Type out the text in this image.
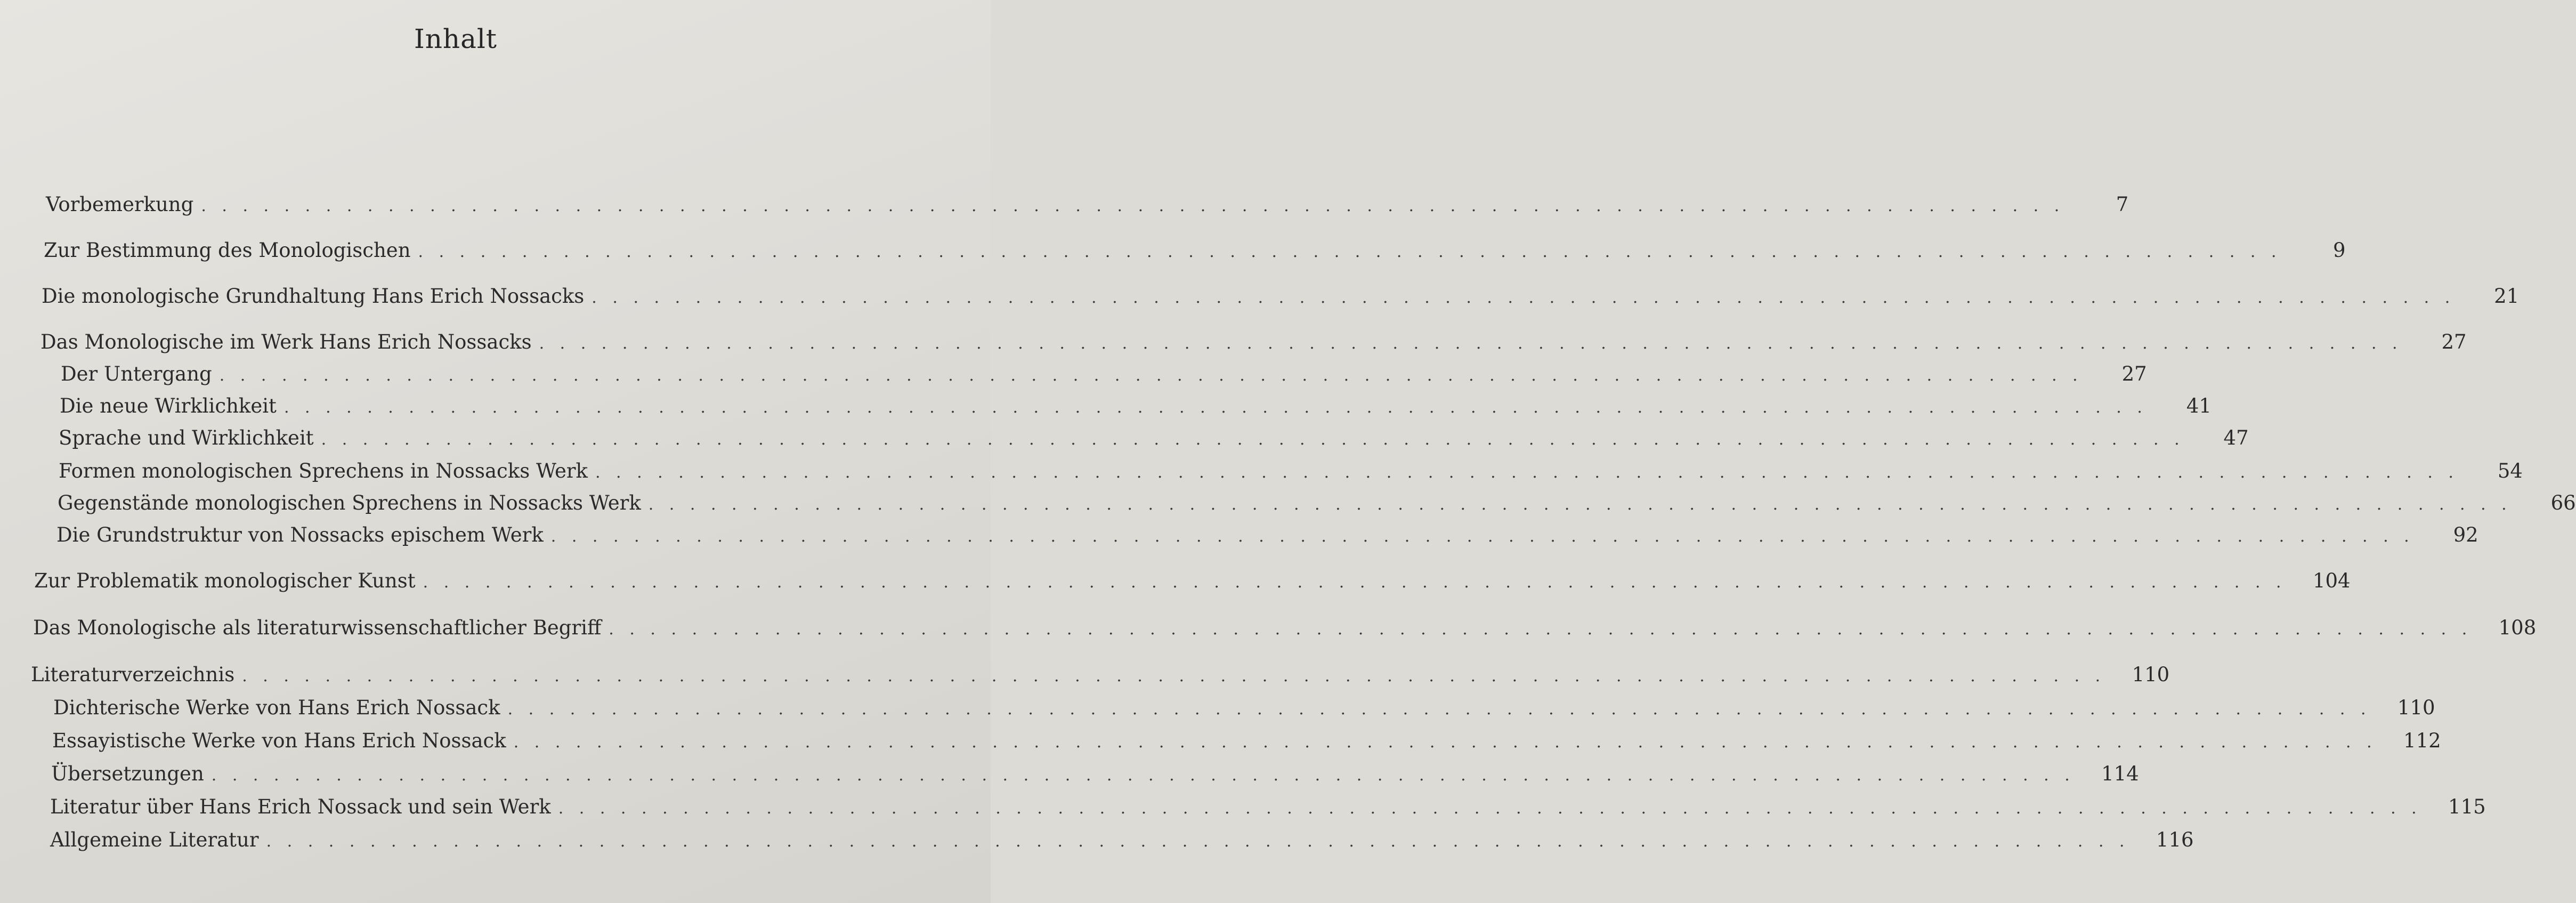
Inhalt
Vorbemerkung . . . . . . . . . . . . . . . . . . . . . . . . . . . . . . . . . . . . . . . . . . . . . . . . . . . . . . . . . . . . . . . . . . . . . . . . . . . . . . . . . . . . . . . . . .	7
Zur Bestimmung des Monologischen . . . . . . . . . . . . . . . . . . . . . . . . . . . . . . . . . . . . . . . . . . . . . . . . . . . . . . . . . . . . . . . . . . . . . . . . . . . . . . . . . . . . . . . . . .	9
Die monologische Grundhaltung Hans Erich Nossacks . . . . . . . . . . . . . . . . . . . . . . . . . . . . . . . . . . . . . . . . . . . . . . . . . . . . . . . . . . . . . . . . . . . . . . . . . . . . . . . . . . . . . . . . . .	21
Das Monologische im Werk Hans Erich Nossacks . . . . . . . . . . . . . . . . . . . . . . . . . . . . . . . . . . . . . . . . . . . . . . . . . . . . . . . . . . . . . . . . . . . . . . . . . . . . . . . . . . . . . . . . . .	27
Der Untergang . . . . . . . . . . . . . . . . . . . . . . . . . . . . . . . . . . . . . . . . . . . . . . . . . . . . . . . . . . . . . . . . . . . . . . . . . . . . . . . . . . . . . . . . . .	27
Die neue Wirklichkeit . . . . . . . . . . . . . . . . . . . . . . . . . . . . . . . . . . . . . . . . . . . . . . . . . . . . . . . . . . . . . . . . . . . . . . . . . . . . . . . . . . . . . . . . . .	41
Sprache und Wirklichkeit . . . . . . . . . . . . . . . . . . . . . . . . . . . . . . . . . . . . . . . . . . . . . . . . . . . . . . . . . . . . . . . . . . . . . . . . . . . . . . . . . . . . . . . . . .	47
Formen monologischen Sprechens in Nossacks Werk . . . . . . . . . . . . . . . . . . . . . . . . . . . . . . . . . . . . . . . . . . . . . . . . . . . . . . . . . . . . . . . . . . . . . . . . . . . . . . . . . . . . . . . . . .	54
Gegenstände monologischen Sprechens in Nossacks Werk . . . . . . . . . . . . . . . . . . . . . . . . . . . . . . . . . . . . . . . . . . . . . . . . . . . . . . . . . . . . . . . . . . . . . . . . . . . . . . . . . . . . . . . . . .	66
Die Grundstruktur von Nossacks epischem Werk . . . . . . . . . . . . . . . . . . . . . . . . . . . . . . . . . . . . . . . . . . . . . . . . . . . . . . . . . . . . . . . . . . . . . . . . . . . . . . . . . . . . . . . . . .	92
Zur Problematik monologischer Kunst . . . . . . . . . . . . . . . . . . . . . . . . . . . . . . . . . . . . . . . . . . . . . . . . . . . . . . . . . . . . . . . . . . . . . . . . . . . . . . . . . . . . . . . . . .	104
Das Monologische als literaturwissenschaftlicher Begriff . . . . . . . . . . . . . . . . . . . . . . . . . . . . . . . . . . . . . . . . . . . . . . . . . . . . . . . . . . . . . . . . . . . . . . . . . . . . . . . . . . . . . . . . . .	108
Literaturverzeichnis . . . . . . . . . . . . . . . . . . . . . . . . . . . . . . . . . . . . . . . . . . . . . . . . . . . . . . . . . . . . . . . . . . . . . . . . . . . . . . . . . . . . . . . . . .	110
Dichterische Werke von Hans Erich Nossack . . . . . . . . . . . . . . . . . . . . . . . . . . . . . . . . . . . . . . . . . . . . . . . . . . . . . . . . . . . . . . . . . . . . . . . . . . . . . . . . . . . . . . . . . .	110
Essayistische Werke von Hans Erich Nossack . . . . . . . . . . . . . . . . . . . . . . . . . . . . . . . . . . . . . . . . . . . . . . . . . . . . . . . . . . . . . . . . . . . . . . . . . . . . . . . . . . . . . . . . . .	112
Übersetzungen . . . . . . . . . . . . . . . . . . . . . . . . . . . . . . . . . . . . . . . . . . . . . . . . . . . . . . . . . . . . . . . . . . . . . . . . . . . . . . . . . . . . . . . . . .	114
Literatur über Hans Erich Nossack und sein Werk . . . . . . . . . . . . . . . . . . . . . . . . . . . . . . . . . . . . . . . . . . . . . . . . . . . . . . . . . . . . . . . . . . . . . . . . . . . . . . . . . . . . . . . . . .	115
Allgemeine Literatur . . . . . . . . . . . . . . . . . . . . . . . . . . . . . . . . . . . . . . . . . . . . . . . . . . . . . . . . . . . . . . . . . . . . . . . . . . . . . . . . . . . . . . . . . .	116
